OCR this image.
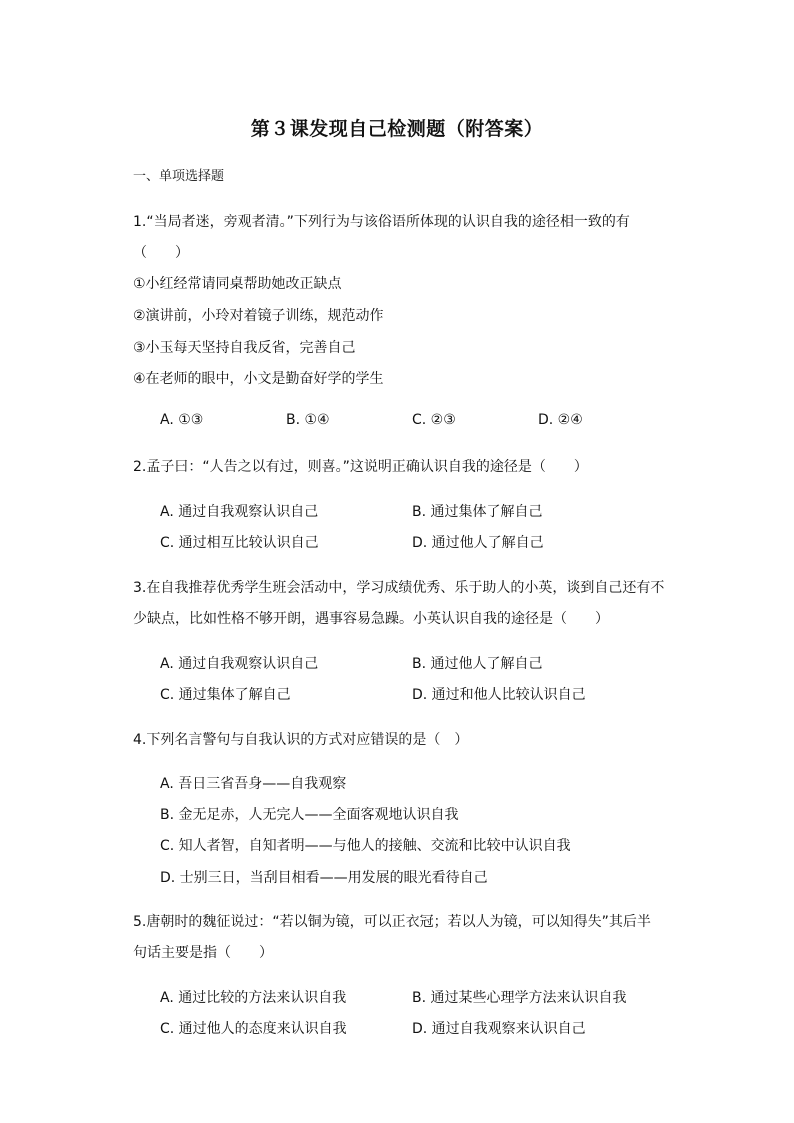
第３课发现自己检测题（附答案）
一、单项选择题
1.“当局者迷，旁观者清。”下列行为与该俗语所体现的认识自我的途径相一致的有
（　　）
①小红经常请同桌帮助她改正缺点
②演讲前，小玲对着镜子训练，规范动作
③小玉每天坚持自我反省，完善自己
④在老师的眼中，小文是勤奋好学的学生
A. ①③	B. ①④	C. ②③	D. ②④
2.孟子曰：“人告之以有过，则喜。”这说明正确认识自我的途径是（　　）
A. 通过自我观察认识自己	B. 通过集体了解自己
C. 通过相互比较认识自己	D. 通过他人了解自己
3.在自我推荐优秀学生班会活动中，学习成绩优秀、乐于助人的小英，谈到自己还有不
少缺点，比如性格不够开朗，遇事容易急躁。小英认识自我的途径是（　　）
A. 通过自我观察认识自己	B. 通过他人了解自己
C. 通过集体了解自己	D. 通过和他人比较认识自己
4.下列名言警句与自我认识的方式对应错误的是（　）
A. 吾日三省吾身——自我观察
B. 金无足赤，人无完人——全面客观地认识自我
C. 知人者智，自知者明——与他人的接触、交流和比较中认识自我
D. 士别三日，当刮目相看——用发展的眼光看待自己
5.唐朝时的魏征说过：“若以铜为镜，可以正衣冠；若以人为镜，可以知得失”其后半
句话主要是指（　　）
A. 通过比较的方法来认识自我	B. 通过某些心理学方法来认识自我
C. 通过他人的态度来认识自我	D. 通过自我观察来认识自己
